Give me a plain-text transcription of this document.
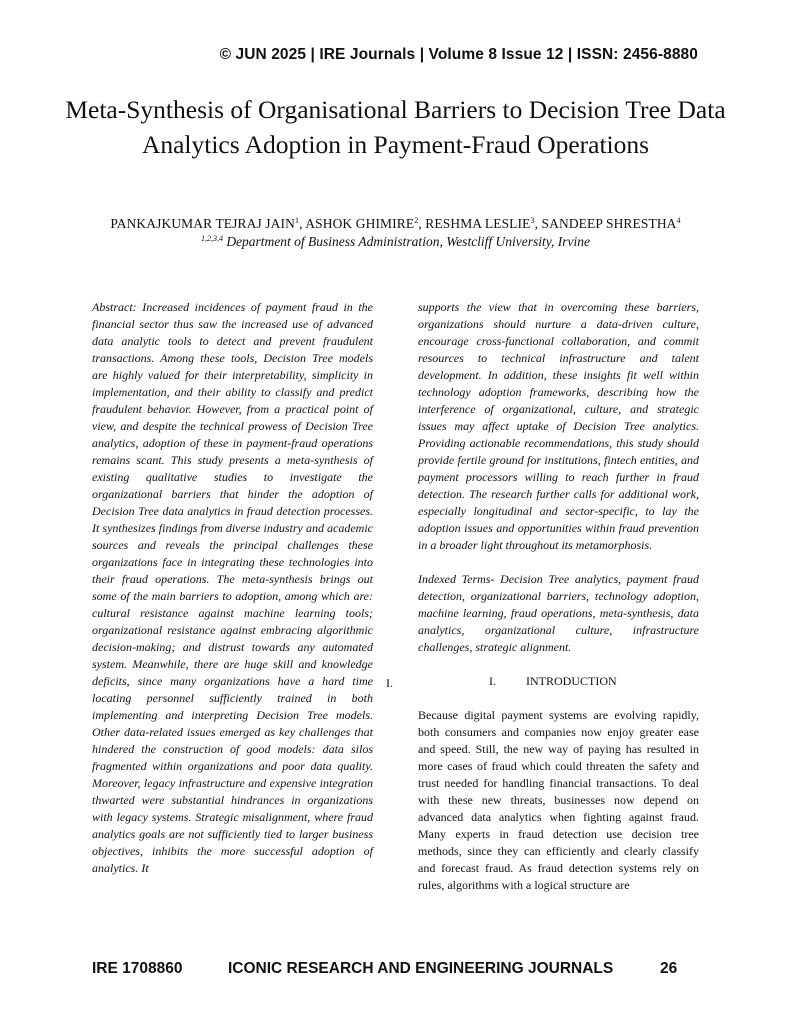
© JUN 2025 | IRE Journals | Volume 8 Issue 12 | ISSN: 2456-8880
Meta-Synthesis of Organisational Barriers to Decision Tree Data Analytics Adoption in Payment-Fraud Operations
PANKAJKUMAR TEJRAJ JAIN$^1$, ASHOK GHIMIRE$^2$, RESHMA LESLIE$^3$, SANDEEP SHRESTHA$^4$
$^{1,2,3,4}$ Department of Business Administration, Westcliff University, Irvine

Abstract: Increased incidences of payment fraud in the financial sector thus saw the increased use of advanced data analytic tools to detect and prevent fraudulent transactions. Among these tools, Decision Tree models are highly valued for their interpretability, simplicity in implementation, and their ability to classify and predict fraudulent behavior. However, from a practical point of view, and despite the technical prowess of Decision Tree analytics, adoption of these in payment-fraud operations remains scant. This study presents a meta-synthesis of existing qualitative studies to investigate the organizational barriers that hinder the adoption of Decision Tree data analytics in fraud detection processes. It synthesizes findings from diverse industry and academic sources and reveals the principal challenges these organizations face in integrating these technologies into their fraud operations. The meta-synthesis brings out some of the main barriers to adoption, among which are: cultural resistance against machine learning tools; organizational resistance against embracing algorithmic decision-making; and distrust towards any automated system. Meanwhile, there are huge skill and knowledge deficits, since many organizations have a hard time locating personnel sufficiently trained in both implementing and interpreting Decision Tree models. Other data-related issues emerged as key challenges that hindered the construction of good models: data silos fragmented within organizations and poor data quality. Moreover, legacy infrastructure and expensive integration thwarted were substantial hindrances in organizations with legacy systems. Strategic misalignment, where fraud analytics goals are not sufficiently tied to larger business objectives, inhibits the more successful adoption of analytics. It

I.

supports the view that in overcoming these barriers, organizations should nurture a data-driven culture, encourage cross-functional collaboration, and commit resources to technical infrastructure and talent development. In addition, these insights fit well within technology adoption frameworks, describing how the interference of organizational, culture, and strategic issues may affect uptake of Decision Tree analytics. Providing actionable recommendations, this study should provide fertile ground for institutions, fintech entities, and payment processors willing to reach further in fraud detection. The research further calls for additional work, especially longitudinal and sector-specific, to lay the adoption issues and opportunities within fraud prevention in a broader light throughout its metamorphosis.

Indexed Terms- Decision Tree analytics, payment fraud detection, organizational barriers, technology adoption, machine learning, fraud operations, meta-synthesis, data analytics, organizational culture, infrastructure challenges, strategic alignment.

I.	INTRODUCTION

Because digital payment systems are evolving rapidly, both consumers and companies now enjoy greater ease and speed. Still, the new way of paying has resulted in more cases of fraud which could threaten the safety and trust needed for handling financial transactions. To deal with these new threats, businesses now depend on advanced data analytics when fighting against fraud. Many experts in fraud detection use decision tree methods, since they can efficiently and clearly classify and forecast fraud. As fraud detection systems rely on rules, algorithms with a logical structure are

IRE 1708860	ICONIC RESEARCH AND ENGINEERING JOURNALS	26
